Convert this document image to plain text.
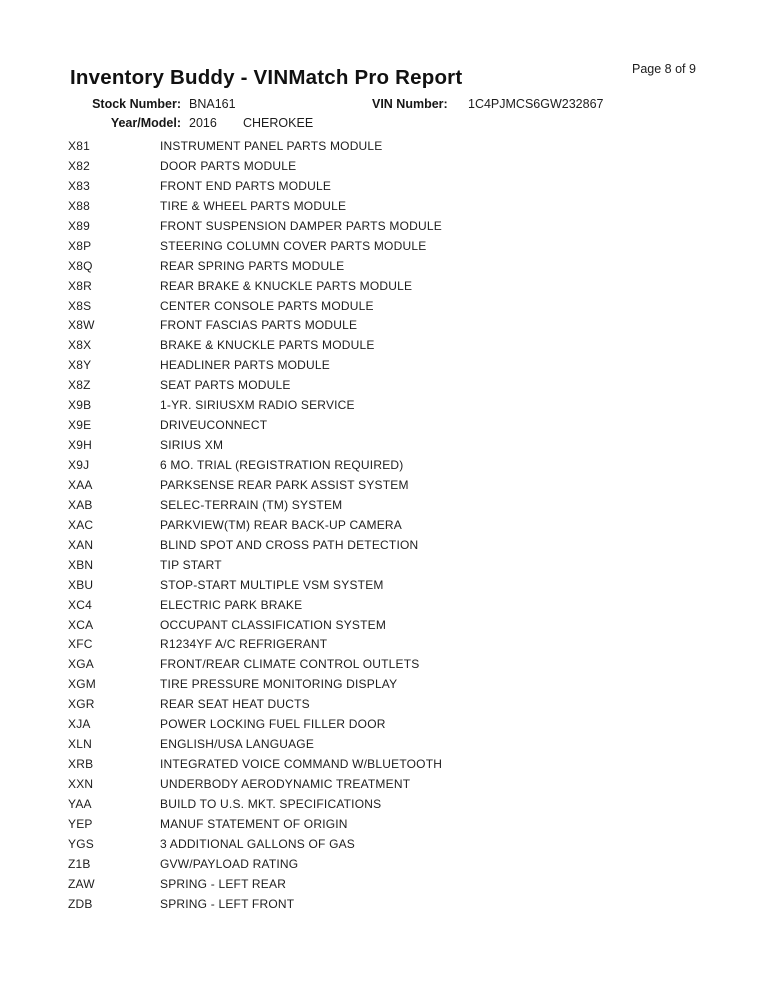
Inventory Buddy - VINMatch Pro Report	Page 8 of 9
Stock Number: BNA161	VIN Number: 1C4PJMCS6GW232867
Year/Model: 2016 CHEROKEE
X81	INSTRUMENT PANEL PARTS MODULE
X82	DOOR PARTS MODULE
X83	FRONT END PARTS MODULE
X88	TIRE & WHEEL PARTS MODULE
X89	FRONT SUSPENSION DAMPER PARTS MODULE
X8P	STEERING COLUMN COVER PARTS MODULE
X8Q	REAR SPRING PARTS MODULE
X8R	REAR BRAKE & KNUCKLE PARTS MODULE
X8S	CENTER CONSOLE PARTS MODULE
X8W	FRONT FASCIAS PARTS MODULE
X8X	BRAKE & KNUCKLE PARTS MODULE
X8Y	HEADLINER PARTS MODULE
X8Z	SEAT PARTS MODULE
X9B	1-YR. SIRIUSXM RADIO SERVICE
X9E	DRIVEUCONNECT
X9H	SIRIUS XM
X9J	6 MO. TRIAL (REGISTRATION REQUIRED)
XAA	PARKSENSE REAR PARK ASSIST SYSTEM
XAB	SELEC-TERRAIN (TM) SYSTEM
XAC	PARKVIEW(TM) REAR BACK-UP CAMERA
XAN	BLIND SPOT AND CROSS PATH DETECTION
XBN	TIP START
XBU	STOP-START MULTIPLE VSM SYSTEM
XC4	ELECTRIC PARK BRAKE
XCA	OCCUPANT CLASSIFICATION SYSTEM
XFC	R1234YF A/C REFRIGERANT
XGA	FRONT/REAR CLIMATE CONTROL OUTLETS
XGM	TIRE PRESSURE MONITORING DISPLAY
XGR	REAR SEAT HEAT DUCTS
XJA	POWER LOCKING FUEL FILLER DOOR
XLN	ENGLISH/USA LANGUAGE
XRB	INTEGRATED VOICE COMMAND W/BLUETOOTH
XXN	UNDERBODY AERODYNAMIC TREATMENT
YAA	BUILD TO U.S. MKT. SPECIFICATIONS
YEP	MANUF STATEMENT OF ORIGIN
YGS	3 ADDITIONAL GALLONS OF GAS
Z1B	GVW/PAYLOAD RATING
ZAW	SPRING - LEFT REAR
ZDB	SPRING - LEFT FRONT
